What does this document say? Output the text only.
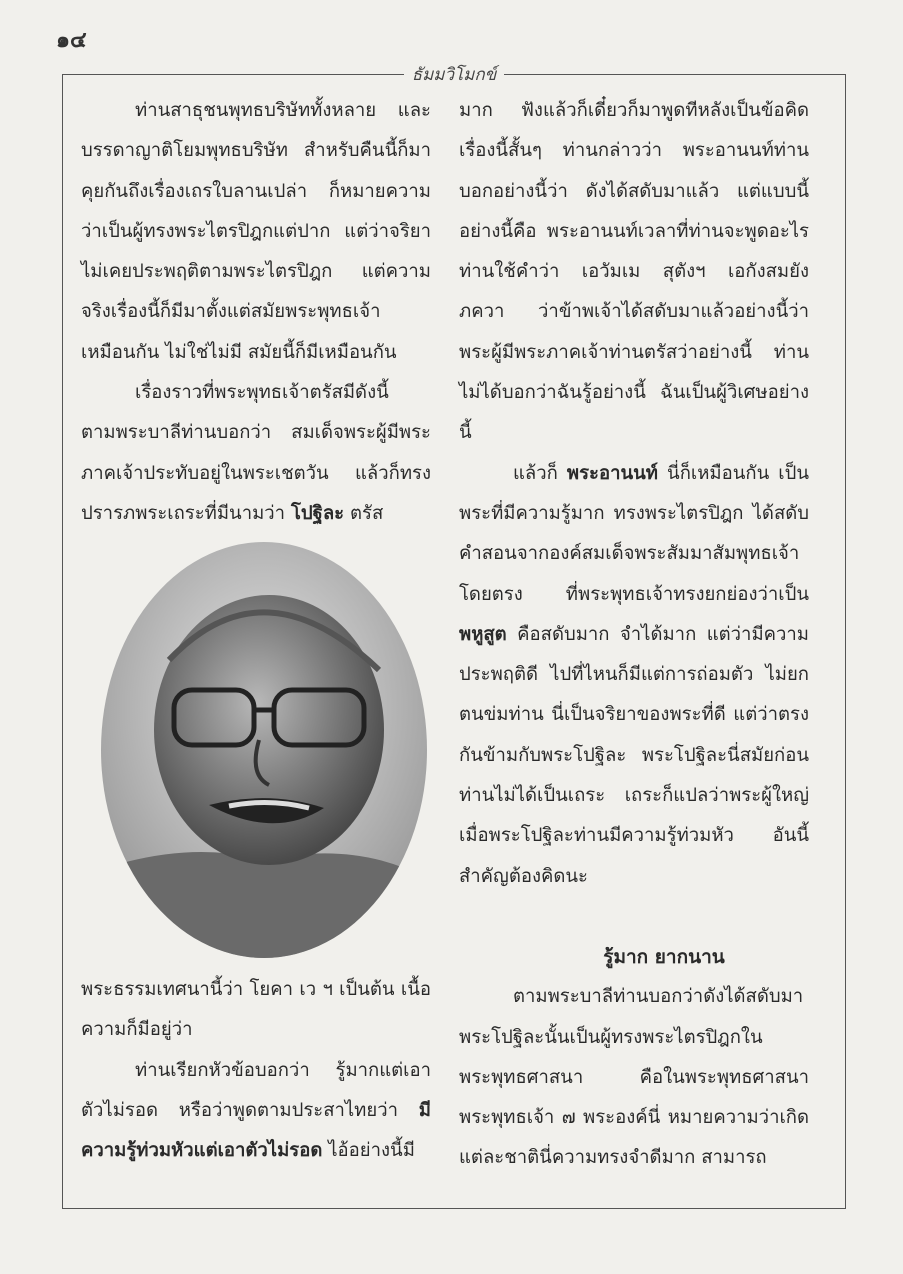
๑๔
ธัมมวิโมกข์

ท่านสาธุชนพุทธบริษัททั้งหลาย และบรรดาญาติโยมพุทธบริษัท สำหรับคืนนี้ก็มาคุยกันถึงเรื่องเถรใบลานเปล่า ก็หมายความว่าเป็นผู้ทรงพระไตรปิฎกแต่ปาก แต่ว่าจริยาไม่เคยประพฤติตามพระไตรปิฎก แต่ความจริงเรื่องนี้ก็มีมาตั้งแต่สมัยพระพุทธเจ้าเหมือนกัน ไม่ใช่ไม่มี สมัยนี้ก็มีเหมือนกัน

เรื่องราวที่พระพุทธเจ้าตรัสมีดังนี้ ตามพระบาลีท่านบอกว่า สมเด็จพระผู้มีพระภาคเจ้าประทับอยู่ในพระเชตวัน แล้วก็ทรงปรารภพระเถระที่มีนามว่า โปฐิละ ตรัส

พระธรรมเทศนานี้ว่า โยคา เว ฯ เป็นต้น เนื้อความก็มีอยู่ว่า

ท่านเรียกหัวข้อบอกว่า รู้มากแต่เอาตัวไม่รอด หรือว่าพูดตามประสาไทยว่า มีความรู้ท่วมหัวแต่เอาตัวไม่รอด ไอ้อย่างนี้มี

มาก ฟังแล้วก็เดี๋ยวก็มาพูดทีหลังเป็นข้อคิด เรื่องนี้สั้นๆ ท่านกล่าวว่า พระอานนท์ท่านบอกอย่างนี้ว่า ดังได้สดับมาแล้ว แต่แบบนี้อย่างนี้คือ พระอานนท์เวลาที่ท่านจะพูดอะไร ท่านใช้คำว่า เอวัมเม สุตังฯ เอกังสมยัง ภควา ว่าข้าพเจ้าได้สดับมาแล้วอย่างนี้ว่า พระผู้มีพระภาคเจ้าท่านตรัสว่าอย่างนี้ ท่านไม่ได้บอกว่าฉันรู้อย่างนี้ ฉันเป็นผู้วิเศษอย่างนี้

แล้วก็ พระอานนท์ นี่ก็เหมือนกัน เป็นพระที่มีความรู้มาก ทรงพระไตรปิฎก ได้สดับคำสอนจากองค์สมเด็จพระสัมมาสัมพุทธเจ้าโดยตรง ที่พระพุทธเจ้าทรงยกย่องว่าเป็น พหูสูต คือสดับมาก จำได้มาก แต่ว่ามีความประพฤติดี ไปที่ไหนก็มีแต่การถ่อมตัว ไม่ยกตนข่มท่าน นี่เป็นจริยาของพระที่ดี แต่ว่าตรงกันข้ามกับพระโปฐิละ พระโปฐิละนี่สมัยก่อนท่านไม่ได้เป็นเถระ เถระก็แปลว่าพระผู้ใหญ่ เมื่อพระโปฐิละท่านมีความรู้ท่วมหัว อันนี้สำคัญต้องคิดนะ

รู้มาก ยากนาน

ตามพระบาลีท่านบอกว่าดังได้สดับมา พระโปฐิละนั้นเป็นผู้ทรงพระไตรปิฎกในพระพุทธศาสนา คือในพระพุทธศาสนาพระพุทธเจ้า ๗ พระองค์นี่ หมายความว่าเกิดแต่ละชาตินี่ความทรงจำดีมาก สามารถ
